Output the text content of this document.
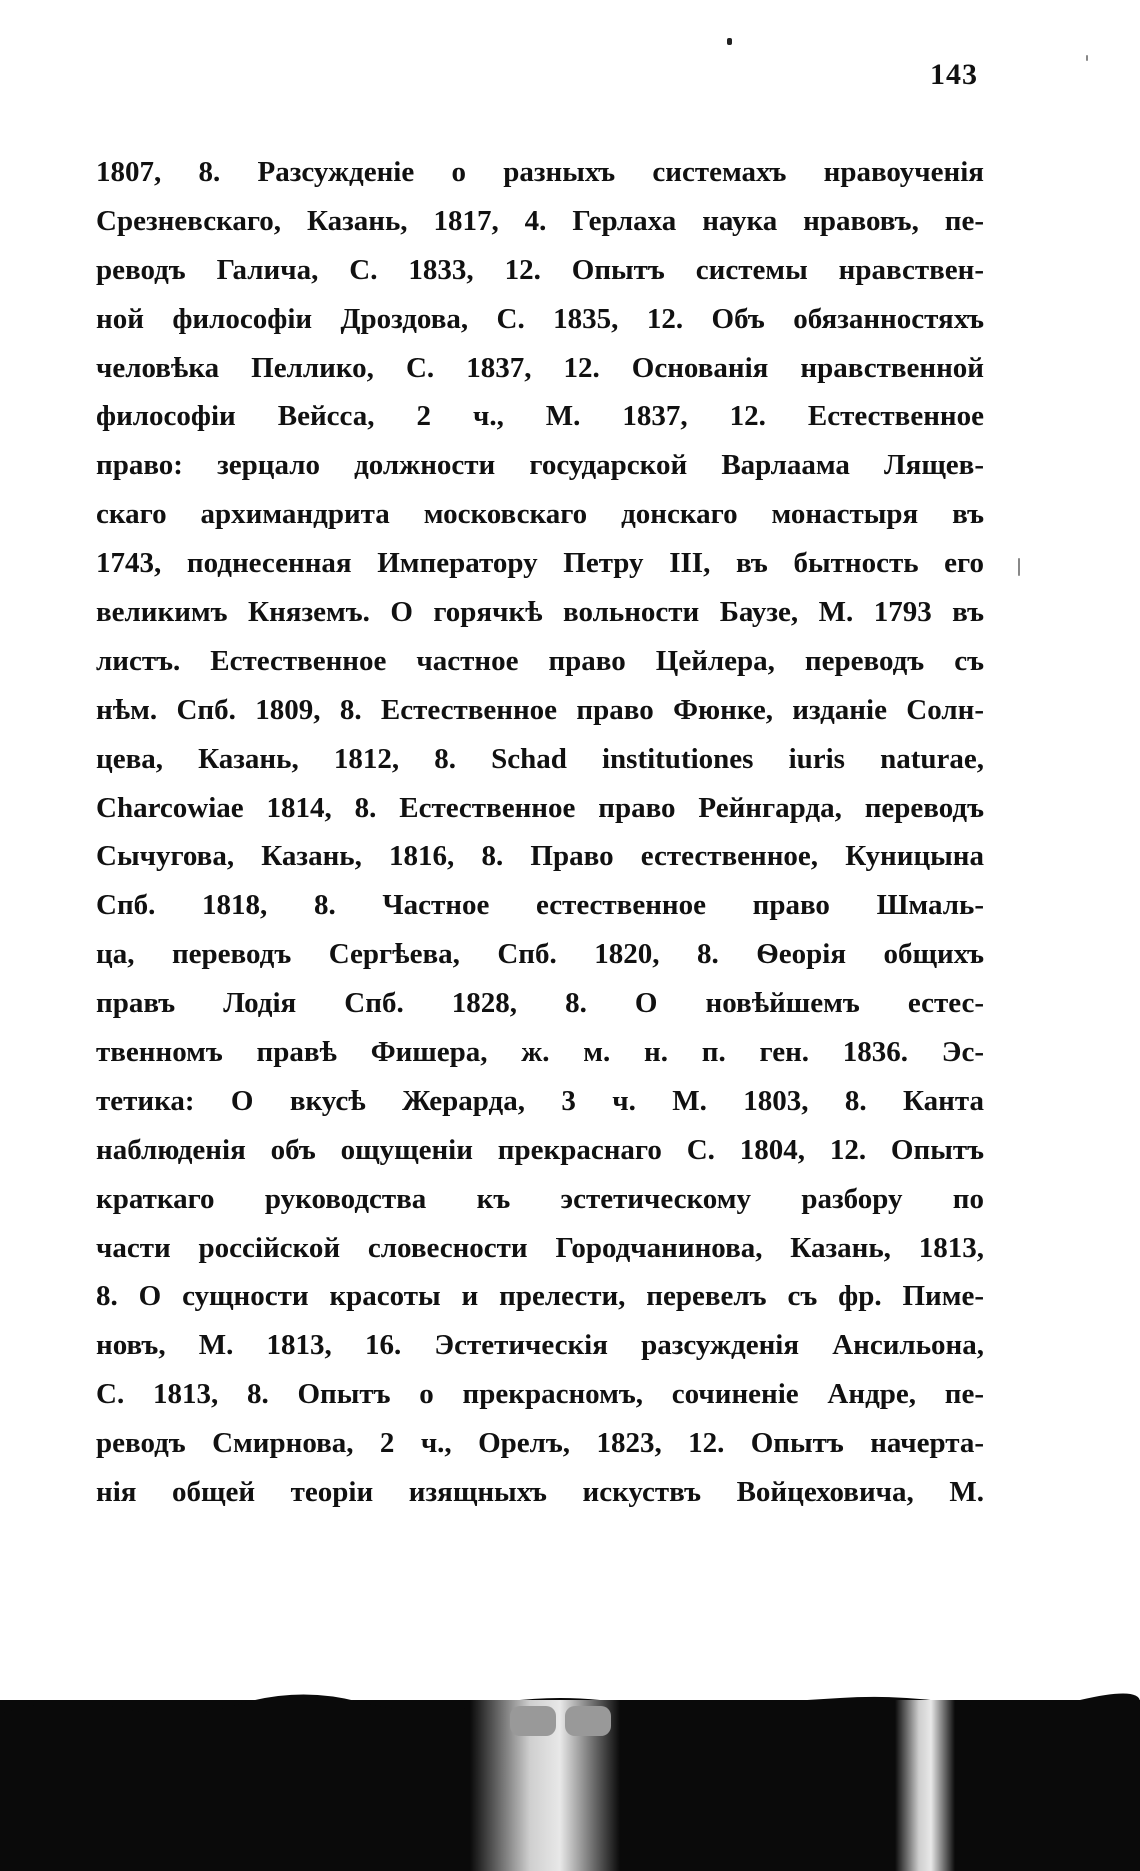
143
1807, 8. Разсужденіе о разныхъ системахъ нравоученія
Срезневскаго, Казань, 1817, 4. Герлаха наука нравовъ, пе-
реводъ Галича, С. 1833, 12. Опытъ системы нравствен-
ной философіи Дроздова, С. 1835, 12. Объ обязанностяхъ
человѣка Пеллико, С. 1837, 12. Основанія нравственной
философіи Вейсса, 2 ч., М. 1837, 12. Естественное
право: зерцало должности государской Варлаама Лящев-
скаго архимандрита московскаго донскаго монастыря въ
1743, поднесенная Императору Петру III, въ бытность его
великимъ Княземъ. О горячкѣ вольности Баузе, М. 1793 въ
листъ. Естественное частное право Цейлера, переводъ съ
нѣм. Спб. 1809, 8. Естественное право Фюнке, изданіе Солн-
цева, Казань, 1812, 8. Schad institutiones iuris naturae,
Charcowiae 1814, 8. Естественное право Рейнгарда, переводъ
Сычугова, Казань, 1816, 8. Право естественное, Куницына
Спб. 1818, 8. Частное естественное право Шмаль-
ца, переводъ Сергѣева, Спб. 1820, 8. Ѳеорія общихъ
правъ Лодія Спб. 1828, 8. О новѣйшемъ естес-
твенномъ правѣ Фишера, ж. м. н. п. ген. 1836. Эс-
тетика: О вкусѣ Жерарда, 3 ч. М. 1803, 8. Канта
наблюденія объ ощущеніи прекраснаго С. 1804, 12. Опытъ
краткаго руководства къ эстетическому разбору по
части россійской словесности Городчанинова, Казань, 1813,
8. О сущности красоты и прелести, перевелъ съ фр. Пиме-
новъ, М. 1813, 16. Эстетическія разсужденія Ансильона,
С. 1813, 8. Опытъ о прекрасномъ, сочиненіе Андре, пе-
реводъ Смирнова, 2 ч., Орелъ, 1823, 12. Опытъ начерта-
нія общей теоріи изящныхъ искуствъ Войцеховича, М.
